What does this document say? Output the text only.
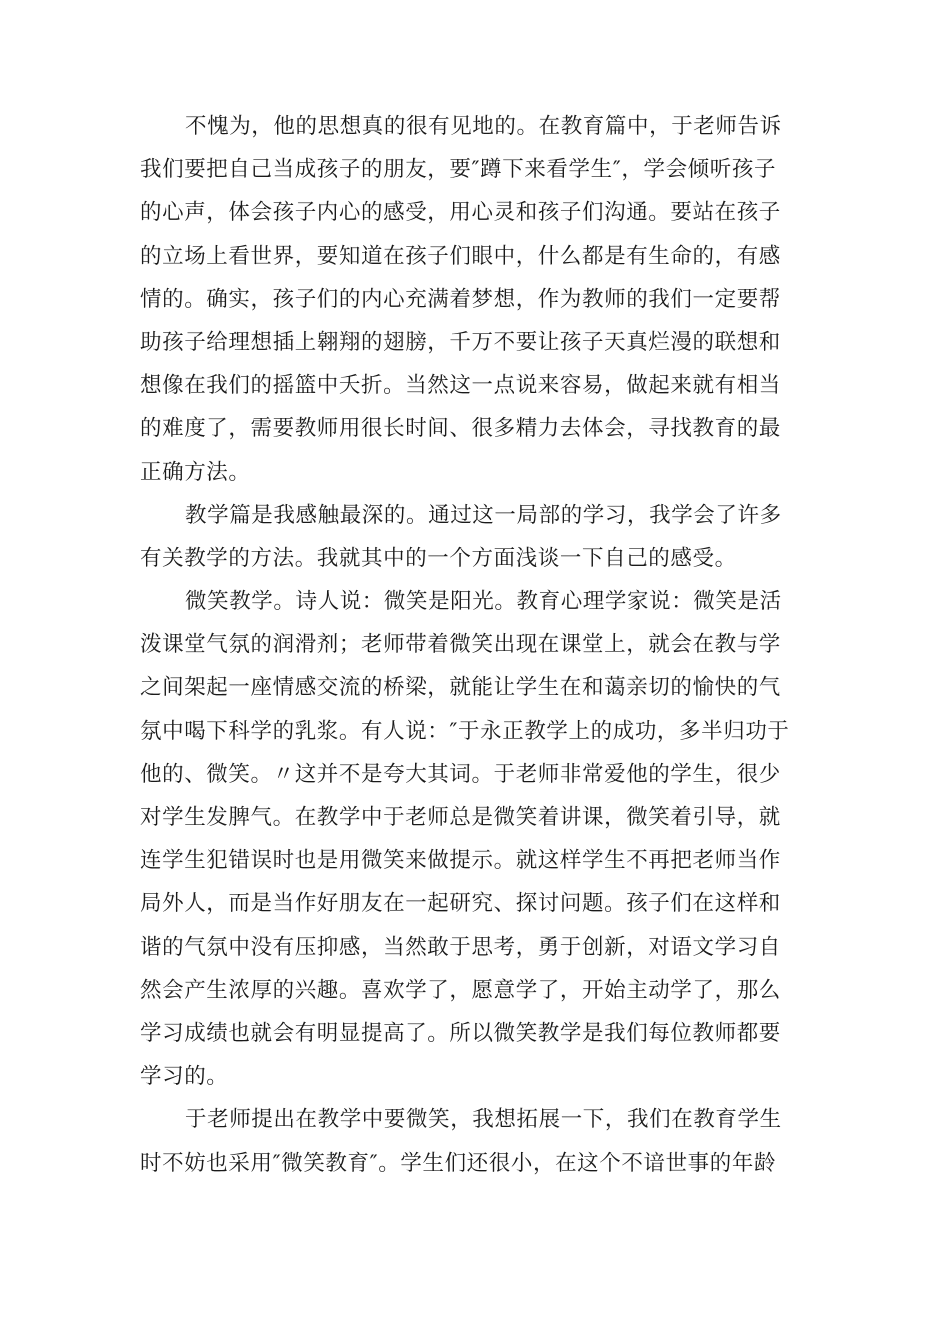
不愧为，他的思想真的很有见地的。在教育篇中，于老师告诉
我们要把自己当成孩子的朋友，要″蹲下来看学生″，学会倾听孩子
的心声，体会孩子内心的感受，用心灵和孩子们沟通。要站在孩子
的立场上看世界，要知道在孩子们眼中，什么都是有生命的，有感
情的。确实，孩子们的内心充满着梦想，作为教师的我们一定要帮
助孩子给理想插上翱翔的翅膀，千万不要让孩子天真烂漫的联想和
想像在我们的摇篮中夭折。当然这一点说来容易，做起来就有相当
的难度了，需要教师用很长时间、很多精力去体会，寻找教育的最
正确方法。
教学篇是我感触最深的。通过这一局部的学习，我学会了许多
有关教学的方法。我就其中的一个方面浅谈一下自己的感受。
微笑教学。诗人说：微笑是阳光。教育心理学家说：微笑是活
泼课堂气氛的润滑剂；老师带着微笑出现在课堂上，就会在教与学
之间架起一座情感交流的桥梁，就能让学生在和蔼亲切的愉快的气
氛中喝下科学的乳浆。有人说：″于永正教学上的成功，多半归功于
他的、微笑。〃这并不是夸大其词。于老师非常爱他的学生，很少
对学生发脾气。在教学中于老师总是微笑着讲课，微笑着引导，就
连学生犯错误时也是用微笑来做提示。就这样学生不再把老师当作
局外人，而是当作好朋友在一起研究、探讨问题。孩子们在这样和
谐的气氛中没有压抑感，当然敢于思考，勇于创新，对语文学习自
然会产生浓厚的兴趣。喜欢学了，愿意学了，开始主动学了，那么
学习成绩也就会有明显提高了。所以微笑教学是我们每位教师都要
学习的。
于老师提出在教学中要微笑，我想拓展一下，我们在教育学生
时不妨也采用″微笑教育″。学生们还很小，在这个不谙世事的年龄
